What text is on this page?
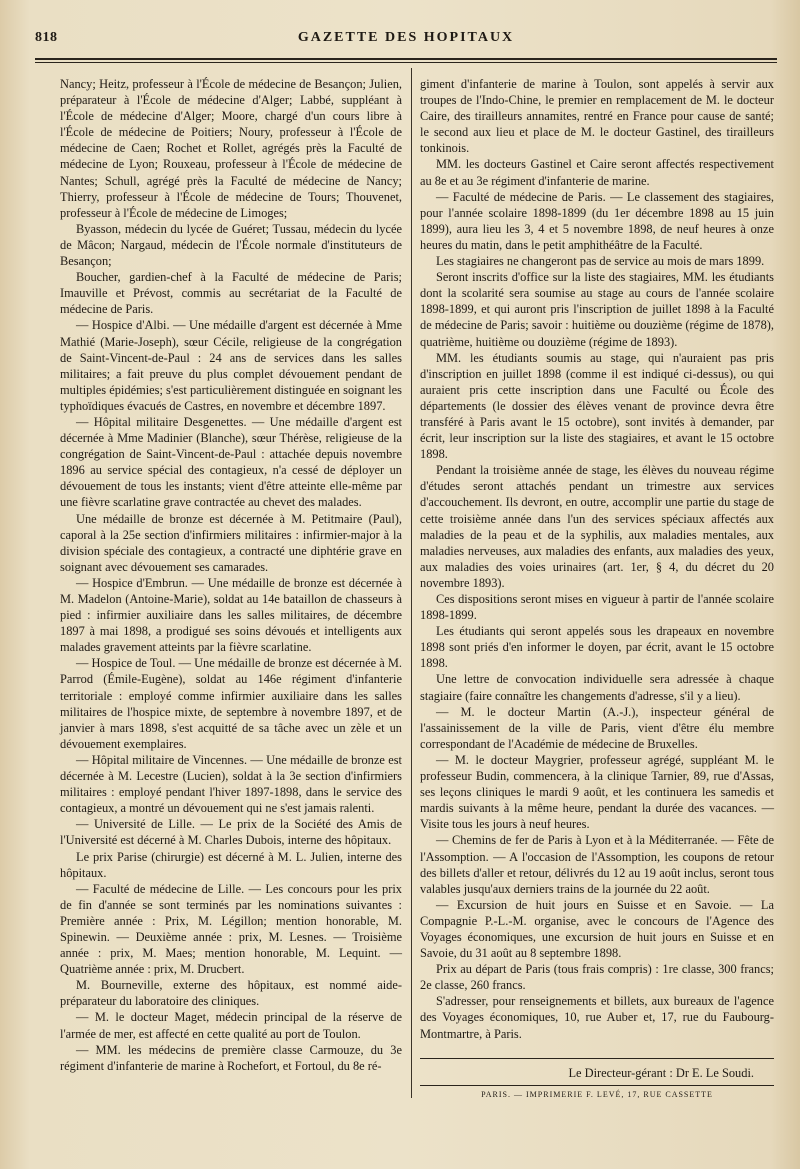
818	GAZETTE DES HOPITAUX

Nancy; Heitz, professeur à l'École de médecine de Besançon; Julien, préparateur à l'École de médecine d'Alger; Labbé, suppléant à l'École de médecine d'Alger; Moore, chargé d'un cours libre à l'École de médecine de Poitiers; Noury, professeur à l'École de médecine de Caen; Rochet et Rollet, agrégés près la Faculté de médecine de Lyon; Rouxeau, professeur à l'École de médecine de Nantes; Schull, agrégé près la Faculté de médecine de Nancy; Thierry, professeur à l'École de médecine de Tours; Thouvenet, professeur à l'École de médecine de Limoges;

Byasson, médecin du lycée de Guéret; Tussau, médecin du lycée de Mâcon; Nargaud, médecin de l'École normale d'instituteurs de Besançon;

Boucher, gardien-chef à la Faculté de médecine de Paris; Imauville et Prévost, commis au secrétariat de la Faculté de médecine de Paris.

— Hospice d'Albi. — Une médaille d'argent est décernée à Mme Mathié (Marie-Joseph), sœur Cécile, religieuse de la congrégation de Saint-Vincent-de-Paul : 24 ans de services dans les salles militaires; a fait preuve du plus complet dévouement pendant de multiples épidémies; s'est particulièrement distinguée en soignant les typhoïdiques évacués de Castres, en novembre et décembre 1897.

— Hôpital militaire Desgenettes. — Une médaille d'argent est décernée à Mme Madinier (Blanche), sœur Thérèse, religieuse de la congrégation de Saint-Vincent-de-Paul : attachée depuis novembre 1896 au service spécial des contagieux, n'a cessé de déployer un dévouement de tous les instants; vient d'être atteinte elle-même par une fièvre scarlatine grave contractée au chevet des malades.

Une médaille de bronze est décernée à M. Petitmaire (Paul), caporal à la 25e section d'infirmiers militaires : infirmier-major à la division spéciale des contagieux, a contracté une diphtérie grave en soignant avec dévouement ses camarades.

— Hospice d'Embrun. — Une médaille de bronze est décernée à M. Madelon (Antoine-Marie), soldat au 14e bataillon de chasseurs à pied : infirmier auxiliaire dans les salles militaires, de décembre 1897 à mai 1898, a prodigué ses soins dévoués et intelligents aux malades gravement atteints par la fièvre scarlatine.

— Hospice de Toul. — Une médaille de bronze est décernée à M. Parrod (Émile-Eugène), soldat au 146e régiment d'infanterie territoriale : employé comme infirmier auxiliaire dans les salles militaires de l'hospice mixte, de septembre à novembre 1897, et de janvier à mars 1898, s'est acquitté de sa tâche avec un zèle et un dévouement exemplaires.

— Hôpital militaire de Vincennes. — Une médaille de bronze est décernée à M. Lecestre (Lucien), soldat à la 3e section d'infirmiers militaires : employé pendant l'hiver 1897-1898, dans le service des contagieux, a montré un dévouement qui ne s'est jamais ralenti.

— Université de Lille. — Le prix de la Société des Amis de l'Université est décerné à M. Charles Dubois, interne des hôpitaux.

Le prix Parise (chirurgie) est décerné à M. L. Julien, interne des hôpitaux.

— Faculté de médecine de Lille. — Les concours pour les prix de fin d'année se sont terminés par les nominations suivantes : Première année : Prix, M. Légillon; mention honorable, M. Spinewin. — Deuxième année : prix, M. Lesnes. — Troisième année : prix, M. Maes; mention honorable, M. Lequint. — Quatrième année : prix, M. Drucbert.

M. Bourneville, externe des hôpitaux, est nommé aide-préparateur du laboratoire des cliniques.

— M. le docteur Maget, médecin principal de la réserve de l'armée de mer, est affecté en cette qualité au port de Toulon.

— MM. les médecins de première classe Carmouze, du 3e régiment d'infanterie de marine à Rochefort, et Fortoul, du 8e ré-

giment d'infanterie de marine à Toulon, sont appelés à servir aux troupes de l'Indo-Chine, le premier en remplacement de M. le docteur Caire, des tirailleurs annamites, rentré en France pour cause de santé; le second aux lieu et place de M. le docteur Gastinel, des tirailleurs tonkinois.

MM. les docteurs Gastinel et Caire seront affectés respectivement au 8e et au 3e régiment d'infanterie de marine.

— Faculté de médecine de Paris. — Le classement des stagiaires, pour l'année scolaire 1898-1899 (du 1er décembre 1898 au 15 juin 1899), aura lieu les 3, 4 et 5 novembre 1898, de neuf heures à onze heures du matin, dans le petit amphithéâtre de la Faculté.

Les stagiaires ne changeront pas de service au mois de mars 1899.

Seront inscrits d'office sur la liste des stagiaires, MM. les étudiants dont la scolarité sera soumise au stage au cours de l'année scolaire 1898-1899, et qui auront pris l'inscription de juillet 1898 à la Faculté de médecine de Paris; savoir : huitième ou douzième (régime de 1878), quatrième, huitième ou douzième (régime de 1893).

MM. les étudiants soumis au stage, qui n'auraient pas pris d'inscription en juillet 1898 (comme il est indiqué ci-dessus), ou qui auraient pris cette inscription dans une Faculté ou École des départements (le dossier des élèves venant de province devra être transféré à Paris avant le 15 octobre), sont invités à demander, par écrit, leur inscription sur la liste des stagiaires, et avant le 15 octobre 1898.

Pendant la troisième année de stage, les élèves du nouveau régime d'études seront attachés pendant un trimestre aux services d'accouchement. Ils devront, en outre, accomplir une partie du stage de cette troisième année dans l'un des services spéciaux affectés aux maladies de la peau et de la syphilis, aux maladies mentales, aux maladies nerveuses, aux maladies des enfants, aux maladies des yeux, aux maladies des voies urinaires (art. 1er, § 4, du décret du 20 novembre 1893).

Ces dispositions seront mises en vigueur à partir de l'année scolaire 1898-1899.

Les étudiants qui seront appelés sous les drapeaux en novembre 1898 sont priés d'en informer le doyen, par écrit, avant le 15 octobre 1898.

Une lettre de convocation individuelle sera adressée à chaque stagiaire (faire connaître les changements d'adresse, s'il y a lieu).

— M. le docteur Martin (A.-J.), inspecteur général de l'assainissement de la ville de Paris, vient d'être élu membre correspondant de l'Académie de médecine de Bruxelles.

— M. le docteur Maygrier, professeur agrégé, suppléant M. le professeur Budin, commencera, à la clinique Tarnier, 89, rue d'Assas, ses leçons cliniques le mardi 9 août, et les continuera les samedis et mardis suivants à la même heure, pendant la durée des vacances. — Visite tous les jours à neuf heures.

— Chemins de fer de Paris à Lyon et à la Méditerranée. — Fête de l'Assomption. — A l'occasion de l'Assomption, les coupons de retour des billets d'aller et retour, délivrés du 12 au 19 août inclus, seront tous valables jusqu'aux derniers trains de la journée du 22 août.

— Excursion de huit jours en Suisse et en Savoie. — La Compagnie P.-L.-M. organise, avec le concours de l'Agence des Voyages économiques, une excursion de huit jours en Suisse et en Savoie, du 31 août au 8 septembre 1898.

Prix au départ de Paris (tous frais compris) : 1re classe, 300 francs; 2e classe, 260 francs.

S'adresser, pour renseignements et billets, aux bureaux de l'agence des Voyages économiques, 10, rue Auber et, 17, rue du Faubourg-Montmartre, à Paris.

Le Directeur-gérant : Dr E. Le Soudi.
PARIS. — IMPRIMERIE F. LEVÉ, 17, RUE CASSETTE
